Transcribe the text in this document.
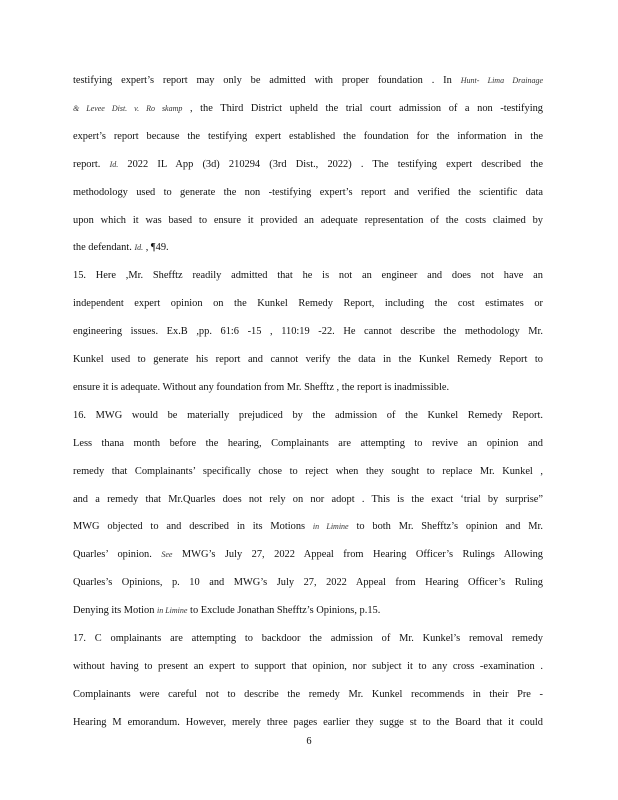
testifying expert’s report may only be admitted with proper foundation . In Hunt- Lima Drainage
& Levee Dist. v. Ro skamp , the Third District upheld the trial court admission of a non -testifying
expert’s report because the testifying expert established the foundation for the information in the
report. Id. 2022 IL App (3d) 210294 (3rd Dist., 2022) . The testifying expert described the
methodology used to generate the non -testifying expert’s report and verified the scientific data
upon which it was based to ensure it provided an adequate representation of the costs claimed by
the defendant. Id. , ¶49.
15. Here ,Mr. Shefftz readily admitted that he is not an engineer and does not have an
independent expert opinion on the Kunkel Remedy Report, including the cost estimates or
engineering issues. Ex.B ,pp. 61:6 -15 , 110:19 -22. He cannot describe the methodology Mr.
Kunkel used to generate his report and cannot verify the data in the Kunkel Remedy Report to
ensure it is adequate. Without any foundation from Mr. Shefftz , the report is inadmissible.
16. MWG would be materially prejudiced by the admission of the Kunkel Remedy Report.
Less thana month before the hearing, Complainants are attempting to revive an opinion and
remedy that Complainants’ specifically chose to reject when they sought to replace Mr. Kunkel ,
and a remedy that Mr.Quarles does not rely on nor adopt . This is the exact ‘trial by surprise”
MWG objected to and described in its Motions in Limine to both Mr. Shefftz’s opinion and Mr.
Quarles’ opinion. See MWG’s July 27, 2022 Appeal from Hearing Officer’s Rulings Allowing
Quarles’s Opinions, p. 10 and MWG’s July 27, 2022 Appeal from Hearing Officer’s Ruling
Denying its Motion in Limine to Exclude Jonathan Shefftz’s Opinions, p.15.
17. C omplainants are attempting to backdoor the admission of Mr. Kunkel’s removal remedy
without having to present an expert to support that opinion, nor subject it to any cross -examination .
Complainants were careful not to describe the remedy Mr. Kunkel recommends in their Pre -
Hearing M emorandum. However, merely three pages earlier they sugge st to the Board that it could
6
